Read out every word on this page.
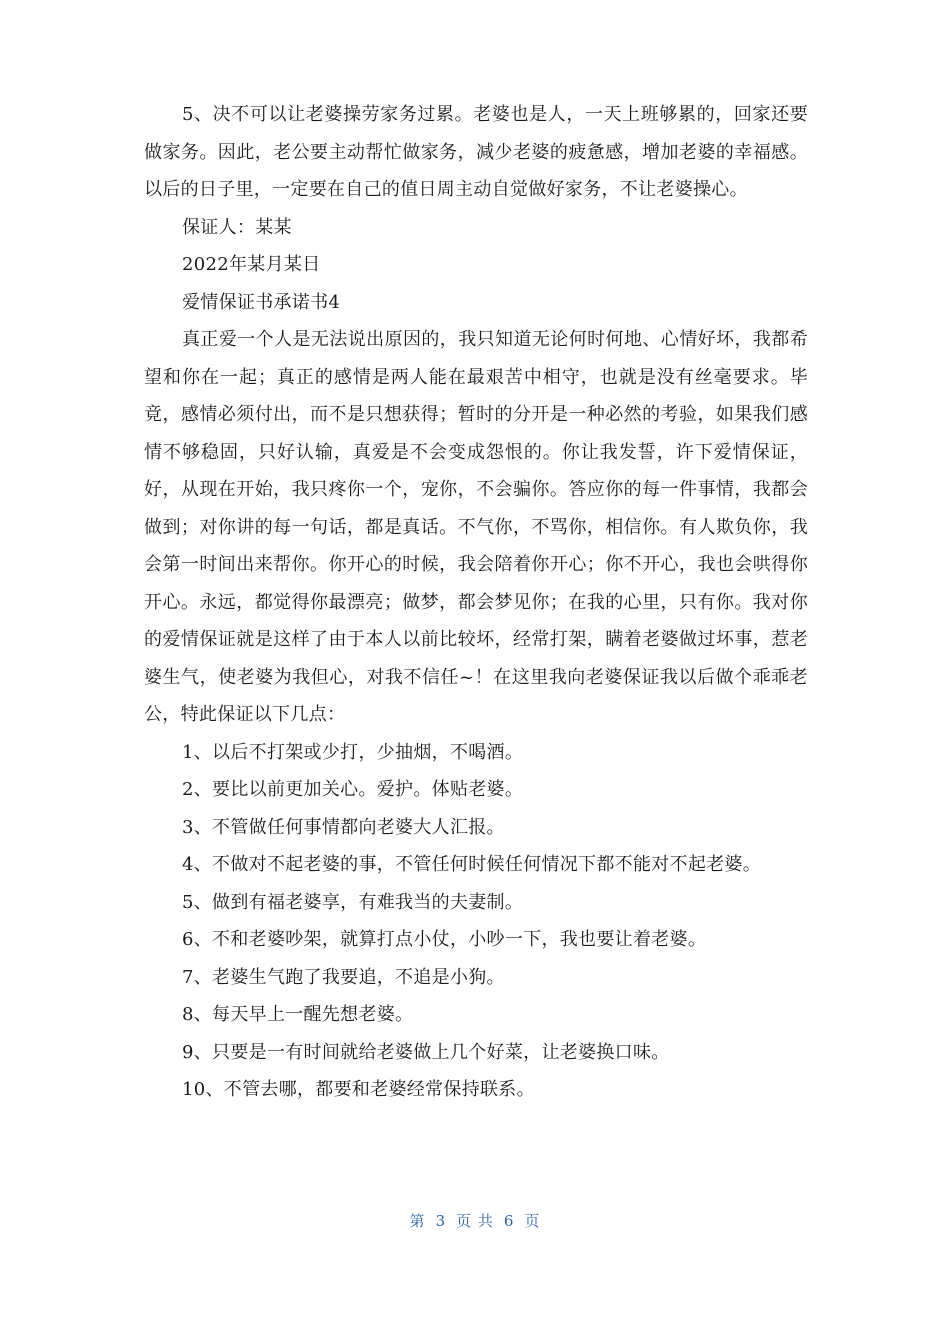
5、决不可以让老婆操劳家务过累。老婆也是人，一天上班够累的，回家还要做家务。因此，老公要主动帮忙做家务，减少老婆的疲惫感，增加老婆的幸福感。以后的日子里，一定要在自己的值日周主动自觉做好家务，不让老婆操心。

保证人：某某

2022年某月某日

爱情保证书承诺书4

真正爱一个人是无法说出原因的，我只知道无论何时何地、心情好坏，我都希望和你在一起；真正的感情是两人能在最艰苦中相守，也就是没有丝毫要求。毕竟，感情必须付出，而不是只想获得；暂时的分开是一种必然的考验，如果我们感情不够稳固，只好认输，真爱是不会变成怨恨的。你让我发誓，许下爱情保证，好，从现在开始，我只疼你一个，宠你，不会骗你。答应你的每一件事情，我都会做到；对你讲的每一句话，都是真话。不气你，不骂你，相信你。有人欺负你，我会第一时间出来帮你。你开心的时候，我会陪着你开心；你不开心，我也会哄得你开心。永远，都觉得你最漂亮；做梦，都会梦见你；在我的心里，只有你。我对你的爱情保证就是这样了由于本人以前比较坏，经常打架，瞒着老婆做过坏事，惹老婆生气，使老婆为我但心，对我不信任~！在这里我向老婆保证我以后做个乖乖老公，特此保证以下几点：

1、以后不打架或少打，少抽烟，不喝酒。

2、要比以前更加关心。爱护。体贴老婆。

3、不管做任何事情都向老婆大人汇报。

4、不做对不起老婆的事，不管任何时候任何情况下都不能对不起老婆。

5、做到有福老婆享，有难我当的夫妻制。

6、不和老婆吵架，就算打点小仗，小吵一下，我也要让着老婆。

7、老婆生气跑了我要追，不追是小狗。

8、每天早上一醒先想老婆。

9、只要是一有时间就给老婆做上几个好菜，让老婆换口味。

10、不管去哪，都要和老婆经常保持联系。

第 3 页 共 6 页
